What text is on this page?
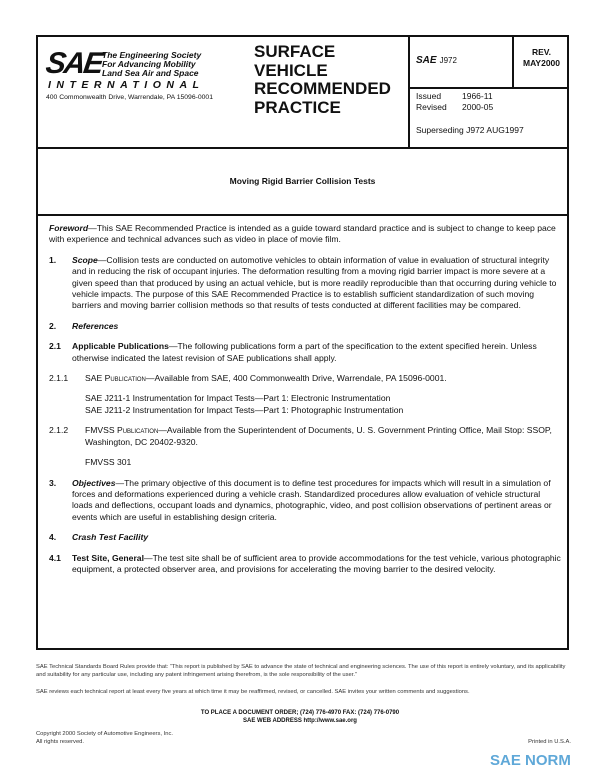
SAE
The Engineering Society
For Advancing Mobility
Land Sea Air and Space
INTERNATIONAL
400 Commonwealth Drive, Warrendale, PA 15096-0001
SURFACE
VEHICLE
RECOMMENDED
PRACTICE
SAE J972
REV.
MAY2000
Issued 1966-11
Revised 2000-05
Superseding J972 AUG1997
Moving Rigid Barrier Collision Tests

Foreword—This SAE Recommended Practice is intended as a guide toward standard practice and is subject to change to keep pace with experience and technical advances such as video in place of movie film.

1. Scope—Collision tests are conducted on automotive vehicles to obtain information of value in evaluation of structural integrity and in reducing the risk of occupant injuries. The deformation resulting from a moving rigid barrier impact is more severe at a given speed than that produced by using an actual vehicle, but is more readily reproducible than that occurring during vehicle to vehicle impacts. The purpose of this SAE Recommended Practice is to establish sufficient standardization of such moving barriers and moving barrier collision methods so that results of tests conducted at different facilities may be compared.

2. References

2.1 Applicable Publications—The following publications form a part of the specification to the extent specified herein. Unless otherwise indicated the latest revision of SAE publications shall apply.

2.1.1 SAE Publication—Available from SAE, 400 Commonwealth Drive, Warrendale, PA 15096-0001.

SAE J211-1 Instrumentation for Impact Tests—Part 1: Electronic Instrumentation
SAE J211-2 Instrumentation for Impact Tests—Part 1: Photographic Instrumentation

2.1.2 FMVSS Publication—Available from the Superintendent of Documents, U. S. Government Printing Office, Mail Stop: SSOP, Washington, DC 20402-9320.

FMVSS 301

3. Objectives—The primary objective of this document is to define test procedures for impacts which will result in a simulation of forces and deformations experienced during a vehicle crash. Standardized procedures allow evaluation of vehicle structural loads and deflections, occupant loads and dynamics, photographic, video, and post collision observations of pertinent areas or events which are useful in establishing design criteria.

4. Crash Test Facility

4.1 Test Site, General—The test site shall be of sufficient area to provide accommodations for the test vehicle, various photographic equipment, a protected observer area, and provisions for accelerating the moving barrier to the desired velocity.

SAE Technical Standards Board Rules provide that: “This report is published by SAE to advance the state of technical and engineering sciences. The use of this report is entirely voluntary, and its applicability and suitability for any particular use, including any patent infringement arising therefrom, is the sole responsibility of the user.”
SAE reviews each technical report at least every five years at which time it may be reaffirmed, revised, or cancelled. SAE invites your written comments and suggestions.
TO PLACE A DOCUMENT ORDER; (724) 776-4970 FAX: (724) 776-0790
SAE WEB ADDRESS http://www.sae.org
Copyright 2000 Society of Automotive Engineers, Inc.
All rights reserved.	Printed in U.S.A.
SAE NORM
